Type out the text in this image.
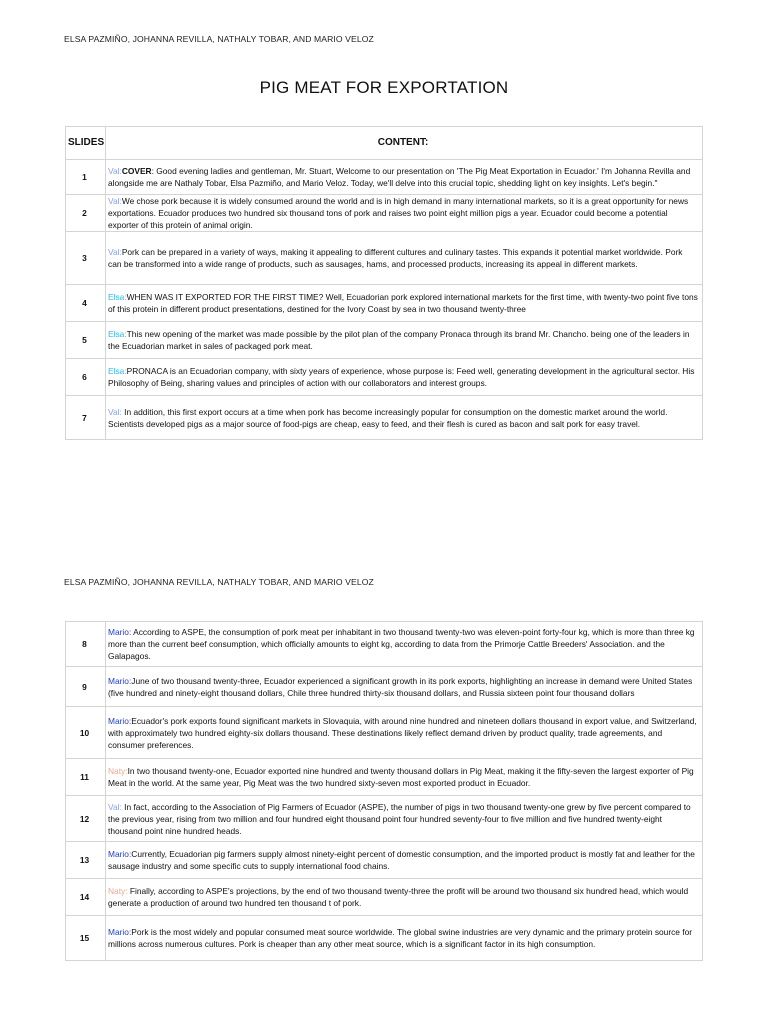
ELSA PAZMIÑO, JOHANNA REVILLA, NATHALY TOBAR, AND MARIO VELOZ
PIG MEAT FOR EXPORTATION
SLIDES	CONTENT:
1	Val:COVER: Good evening ladies and gentleman, Mr. Stuart, Welcome to our presentation on 'The Pig Meat Exportation in Ecuador.' I'm Johanna Revilla and alongside me are Nathaly Tobar, Elsa Pazmiño, and Mario Veloz. Today, we'll delve into this crucial topic, shedding light on key insights. Let's begin."
2	Val:We chose pork because it is widely consumed around the world and is in high demand in many international markets, so it is a great opportunity for news exportations. Ecuador produces two hundred six thousand tons of pork and raises two point eight million pigs a year. Ecuador could become a potential exporter of this protein of animal origin.
3	Val:Pork can be prepared in a variety of ways, making it appealing to different cultures and culinary tastes. This expands it potential market worldwide. Pork can be transformed into a wide range of products, such as sausages, hams, and processed products, increasing its appeal in different markets.
4	Elsa:WHEN WAS IT EXPORTED FOR THE FIRST TIME? Well, Ecuadorian pork explored international markets for the first time, with twenty-two point five tons of this protein in different product presentations, destined for the Ivory Coast by sea in two thousand twenty-three
5	Elsa:This new opening of the market was made possible by the pilot plan of the company Pronaca through its brand Mr. Chancho. being one of the leaders in the Ecuadorian market in sales of packaged pork meat.
6	Elsa:PRONACA is an Ecuadorian company, with sixty years of experience, whose purpose is: Feed well, generating development in the agricultural sector. His Philosophy of Being, sharing values and principles of action with our collaborators and interest groups.
7	Val: In addition, this first export occurs at a time when pork has become increasingly popular for consumption on the domestic market around the world. Scientists developed pigs as a major source of food-pigs are cheap, easy to feed, and their flesh is cured as bacon and salt pork for easy travel.
ELSA PAZMIÑO, JOHANNA REVILLA, NATHALY TOBAR, AND MARIO VELOZ
8	Mario: According to ASPE, the consumption of pork meat per inhabitant in two thousand twenty-two was eleven-point forty-four kg, which is more than three kg more than the current beef consumption, which officially amounts to eight kg, according to data from the Primorje Cattle Breeders' Association. and the Galapagos.
9	Mario:June of two thousand twenty-three, Ecuador experienced a significant growth in its pork exports, highlighting an increase in demand were United States (five hundred and ninety-eight thousand dollars, Chile three hundred thirty-six thousand dollars, and Russia sixteen point four thousand dollars
10	Mario:Ecuador's pork exports found significant markets in Slovaquia, with around nine hundred and nineteen dollars thousand in export value, and Switzerland, with approximately two hundred eighty-six dollars thousand. These destinations likely reflect demand driven by product quality, trade agreements, and consumer preferences.
11	Naty:In two thousand twenty-one, Ecuador exported nine hundred and twenty thousand dollars in Pig Meat, making it the fifty-seven the largest exporter of Pig Meat in the world. At the same year, Pig Meat was the two hundred sixty-seven most exported product in Ecuador.
12	Val: In fact, according to the Association of Pig Farmers of Ecuador (ASPE), the number of pigs in two thousand twenty-one grew by five percent compared to the previous year, rising from two million and four hundred eight thousand point four hundred seventy-four to five million and five hundred twenty-eight thousand point nine hundred heads.
13	Mario:Currently, Ecuadorian pig farmers supply almost ninety-eight percent of domestic consumption, and the imported product is mostly fat and leather for the sausage industry and some specific cuts to supply international food chains.
14	Naty: Finally, according to ASPE's projections, by the end of two thousand twenty-three the profit will be around two thousand six hundred head, which would generate a production of around two hundred ten thousand t of pork.
15	Mario:Pork is the most widely and popular consumed meat source worldwide. The global swine industries are very dynamic and the primary protein source for millions across numerous cultures. Pork is cheaper than any other meat source, which is a significant factor in its high consumption.
